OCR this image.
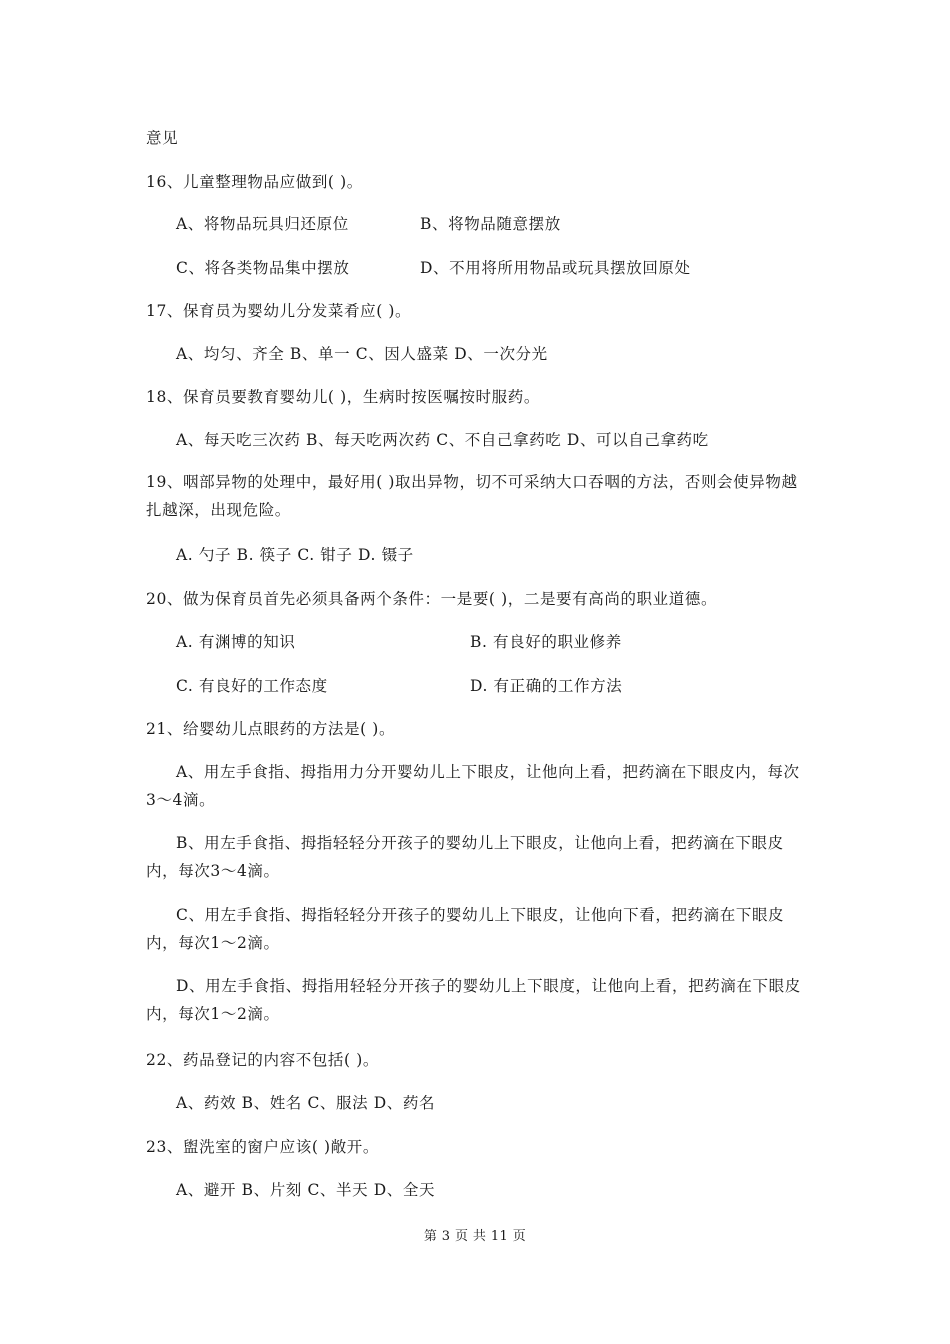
意见
16、儿童整理物品应做到( )。
A、将物品玩具归还原位	B、将物品随意摆放
C、将各类物品集中摆放	D、不用将所用物品或玩具摆放回原处
17、保育员为婴幼儿分发菜肴应( )。
A、均匀、齐全 B、单一 C、因人盛菜 D、一次分光
18、保育员要教育婴幼儿( )，生病时按医嘱按时服药。
A、每天吃三次药 B、每天吃两次药 C、不自己拿药吃 D、可以自己拿药吃
19、咽部异物的处理中，最好用( )取出异物，切不可采纳大口吞咽的方法，否则会使异物越扎越深，出现危险。
A. 勺子 B. 筷子 C. 钳子 D. 镊子
20、做为保育员首先必须具备两个条件：一是要( )，二是要有高尚的职业道德。
A. 有渊博的知识	B. 有良好的职业修养
C. 有良好的工作态度	D. 有正确的工作方法
21、给婴幼儿点眼药的方法是( )。
A、用左手食指、拇指用力分开婴幼儿上下眼皮，让他向上看，把药滴在下眼皮内，每次3～4滴。
B、用左手食指、拇指轻轻分开孩子的婴幼儿上下眼皮，让他向上看，把药滴在下眼皮内，每次3～4滴。
C、用左手食指、拇指轻轻分开孩子的婴幼儿上下眼皮，让他向下看，把药滴在下眼皮内，每次1～2滴。
D、用左手食指、拇指用轻轻分开孩子的婴幼儿上下眼度，让他向上看，把药滴在下眼皮内，每次1～2滴。
22、药品登记的内容不包括( )。
A、药效 B、姓名 C、服法 D、药名
23、盥洗室的窗户应该( )敞开。
A、避开 B、片刻 C、半天 D、全天
第 3 页 共 11 页
